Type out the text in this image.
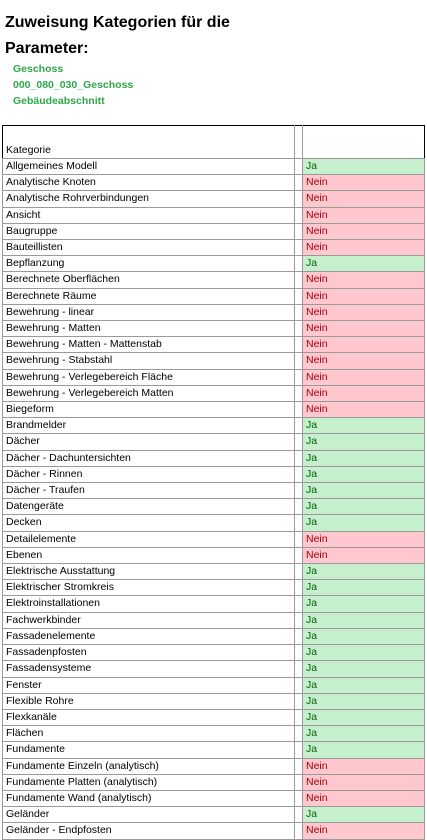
Zuweisung Kategorien für die
Parameter:
Geschoss
000_080_030_Geschoss
Gebäudeabschnitt
Kategorie		
Allgemeines Modell		Ja
Analytische Knoten		Nein
Analytische Rohrverbindungen		Nein
Ansicht		Nein
Baugruppe		Nein
Bauteillisten		Nein
Bepflanzung		Ja
Berechnete Oberflächen		Nein
Berechnete Räume		Nein
Bewehrung - linear		Nein
Bewehrung - Matten		Nein
Bewehrung - Matten - Mattenstab		Nein
Bewehrung - Stabstahl		Nein
Bewehrung - Verlegebereich Fläche		Nein
Bewehrung - Verlegebereich Matten		Nein
Biegeform		Nein
Brandmelder		Ja
Dächer		Ja
Dächer - Dachuntersichten		Ja
Dächer - Rinnen		Ja
Dächer - Traufen		Ja
Datengeräte		Ja
Decken		Ja
Detailelemente		Nein
Ebenen		Nein
Elektrische Ausstattung		Ja
Elektrischer Stromkreis		Ja
Elektroinstallationen		Ja
Fachwerkbinder		Ja
Fassadenelemente		Ja
Fassadenpfosten		Ja
Fassadensysteme		Ja
Fenster		Ja
Flexible Rohre		Ja
Flexkanäle		Ja
Flächen		Ja
Fundamente		Ja
Fundamente Einzeln (analytisch)		Nein
Fundamente Platten (analytisch)		Nein
Fundamente Wand (analytisch)		Nein
Geländer		Ja
Geländer - Endpfosten		Nein
